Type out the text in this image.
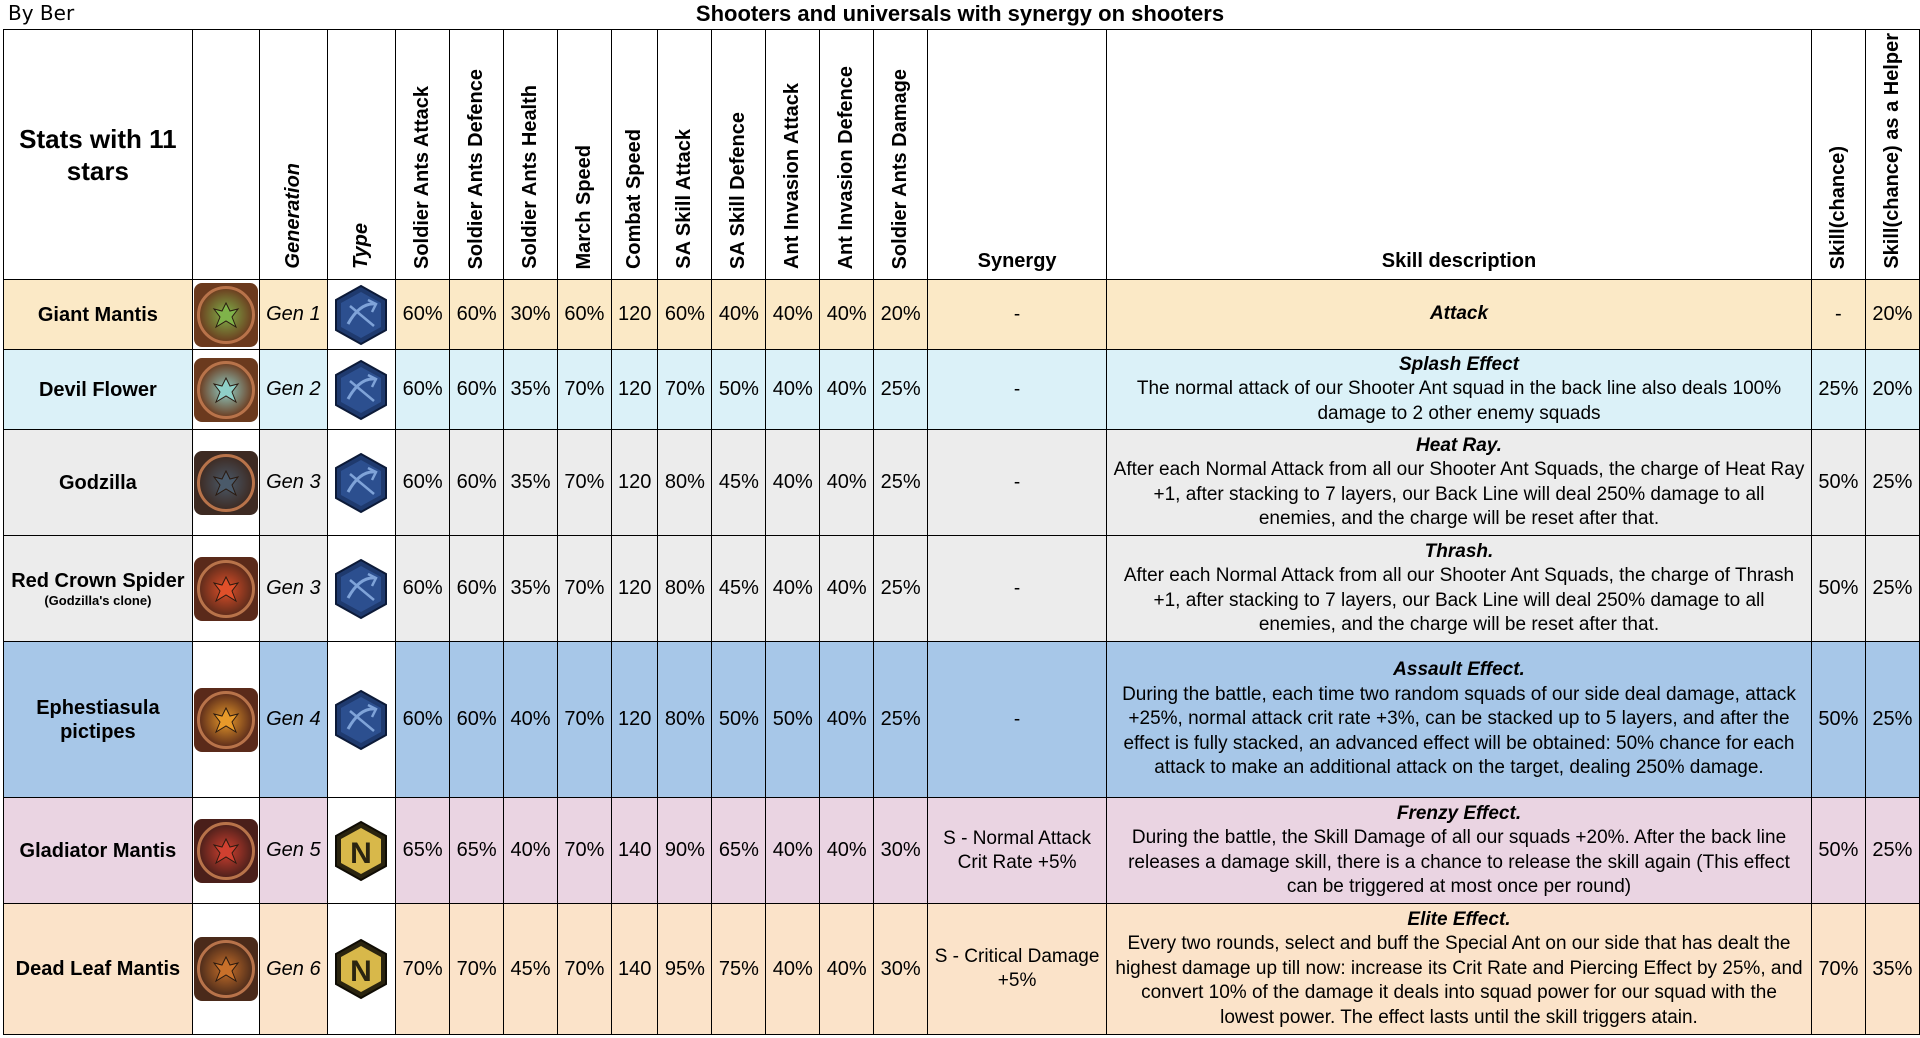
By Ber	Shooters and universals with synergy on shooters
Stats with 11 stars		Generation	Type	Soldier Ants Attack	Soldier Ants Defence	Soldier Ants Health	March Speed	Combat Speed	SA Skill Attack	SA Skill Defence	Ant Invasion Attack	Ant Invasion Defence	Soldier Ants Damage	Synergy	Skill description	Skill(chance)	Skill(chance) as a Helper
Giant Mantis		Gen 1		60%	60%	30%	60%	120	60%	40%	40%	40%	20%	-	Attack	-	20%
Devil Flower		Gen 2		60%	60%	35%	70%	120	70%	50%	40%	40%	25%	-	Splash Effect
The normal attack of our Shooter Ant squad in the back line also deals 100% damage to 2 other enemy squads	25%	20%
Godzilla		Gen 3		60%	60%	35%	70%	120	80%	45%	40%	40%	25%	-	Heat Ray.
After each Normal Attack from all our Shooter Ant Squads, the charge of Heat Ray +1, after stacking to 7 layers, our Back Line will deal 250% damage to all enemies, and the charge will be reset after that.	50%	25%
Red Crown Spider
(Godzilla's clone)		Gen 3		60%	60%	35%	70%	120	80%	45%	40%	40%	25%	-	Thrash.
After each Normal Attack from all our Shooter Ant Squads, the charge of Thrash +1, after stacking to 7 layers, our Back Line will deal 250% damage to all enemies, and the charge will be reset after that.	50%	25%
Ephestiasula pictipes		Gen 4		60%	60%	40%	70%	120	80%	50%	50%	40%	25%	-	Assault Effect.
During the battle, each time two random squads of our side deal damage, attack +25%, normal attack crit rate +3%, can be stacked up to 5 layers, and after the effect is fully stacked, an advanced effect will be obtained: 50% chance for each attack to make an additional attack on the target, dealing 250% damage.	50%	25%
Gladiator Mantis		Gen 5	N	65%	65%	40%	70%	140	90%	65%	40%	40%	30%	S - Normal Attack Crit Rate +5%	Frenzy Effect.
During the battle, the Skill Damage of all our squads +20%. After the back line releases a damage skill, there is a chance to release the skill again (This effect can be triggered at most once per round)	50%	25%
Dead Leaf Mantis		Gen 6	N	70%	70%	45%	70%	140	95%	75%	40%	40%	30%	S - Critical Damage +5%	Elite Effect.
Every two rounds, select and buff the Special Ant on our side that has dealt the highest damage up till now: increase its Crit Rate and Piercing Effect by 25%, and convert 10% of the damage it deals into squad power for our squad with the lowest power. The effect lasts until the skill triggers atain.	70%	35%
